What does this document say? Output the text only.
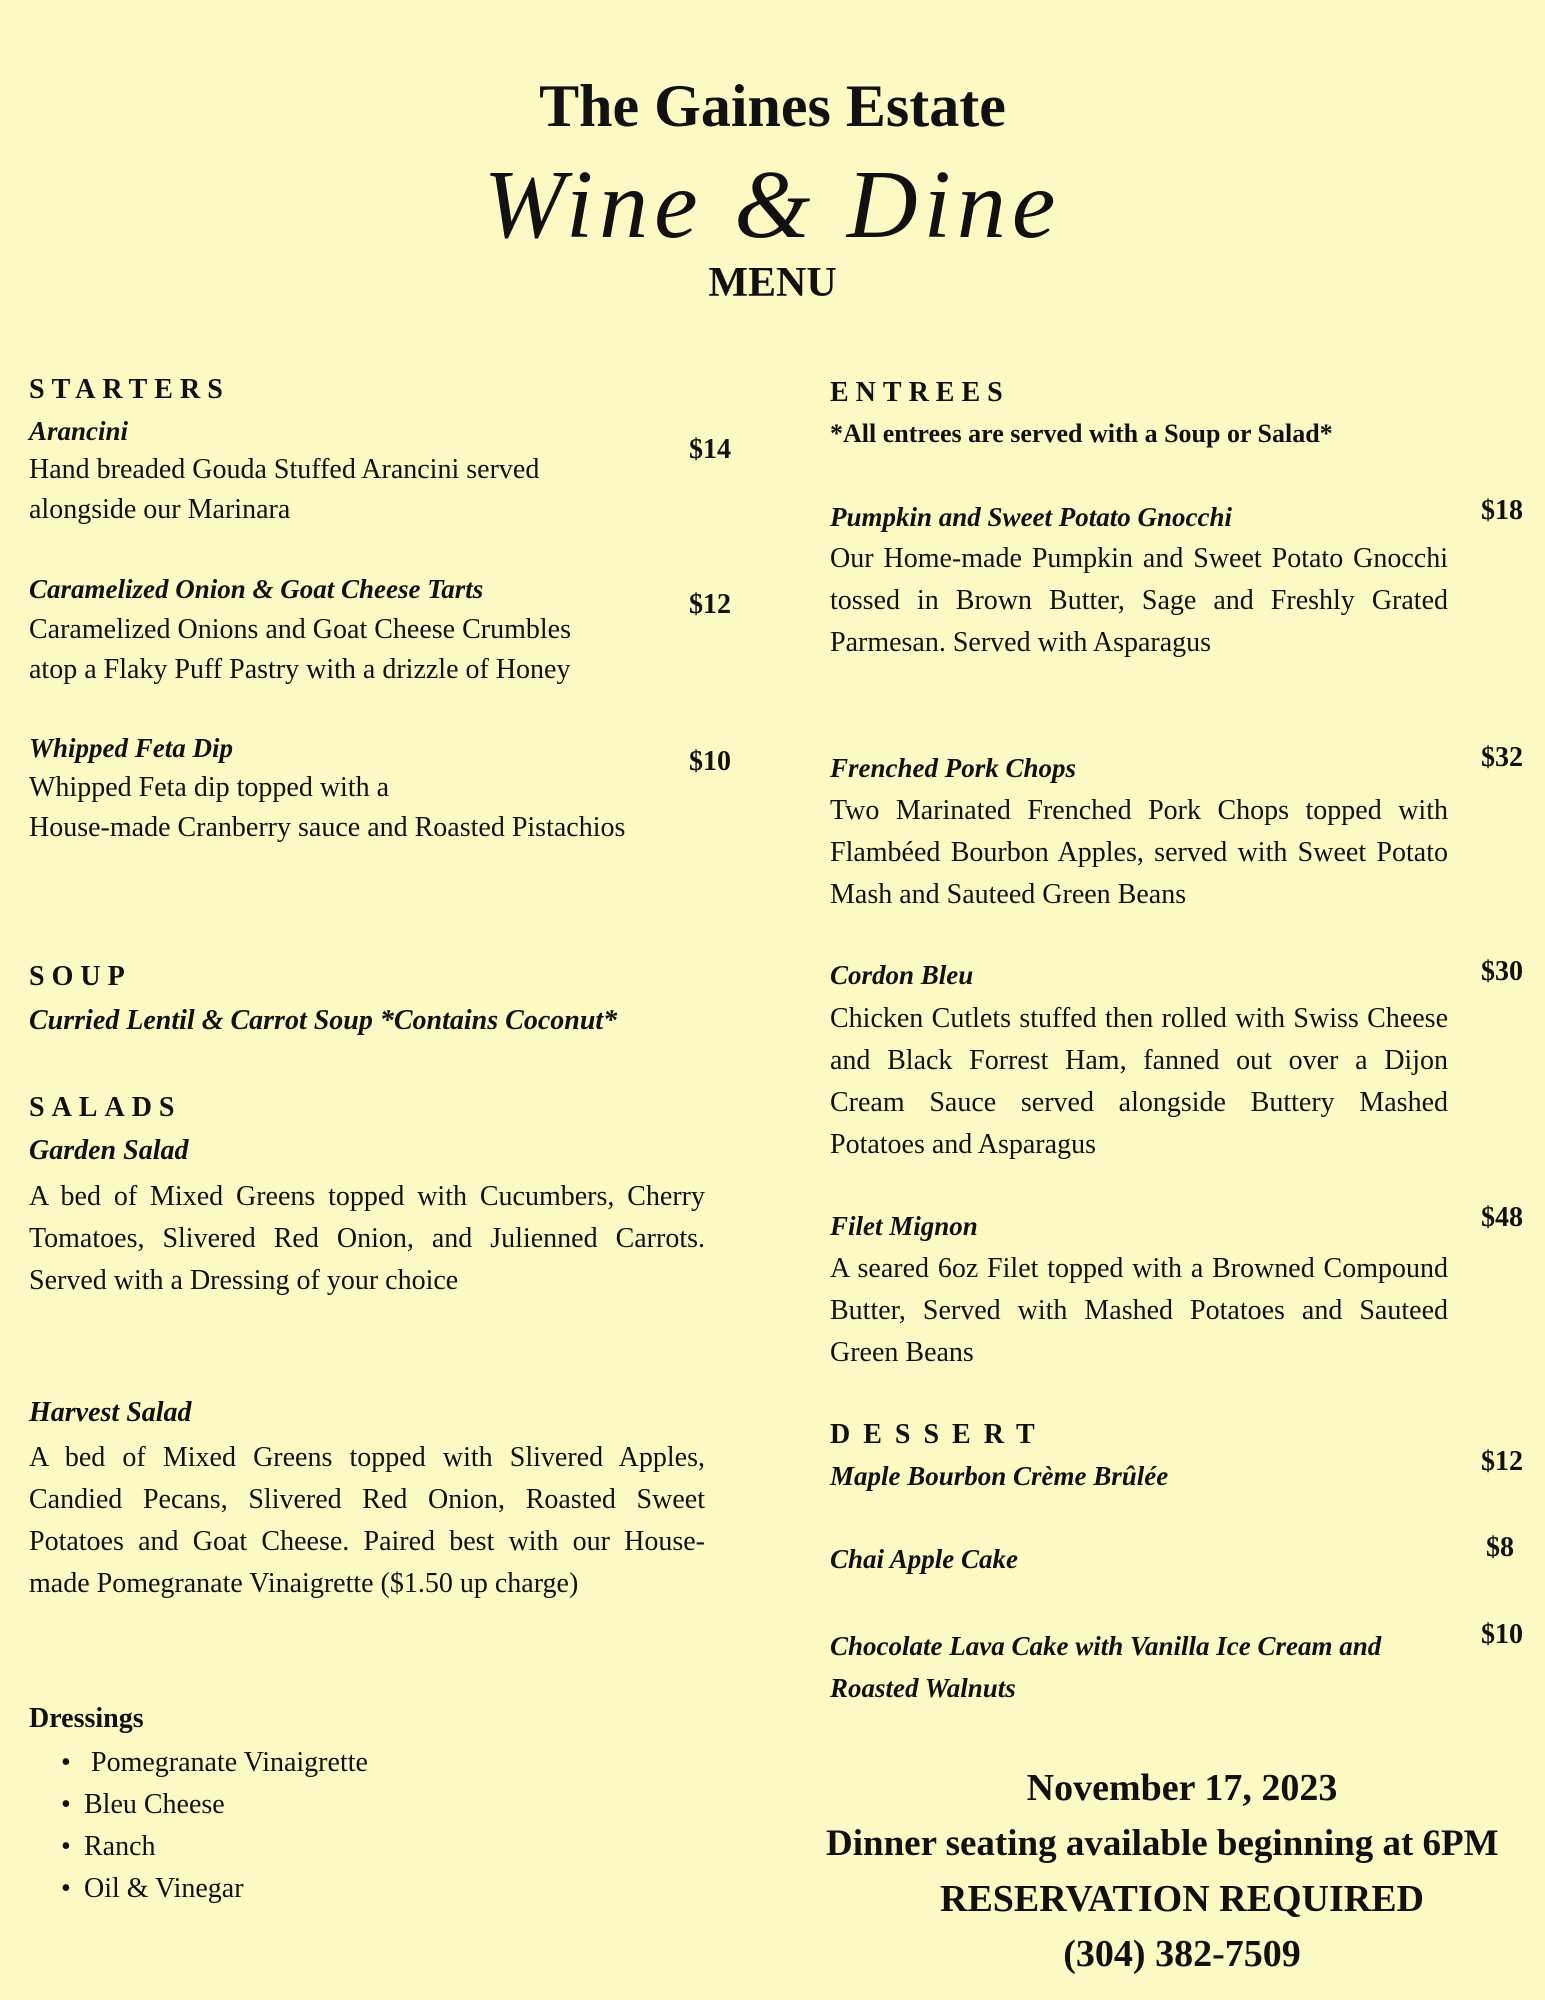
The Gaines Estate
Wine & Dine
MENU
STARTERS
Arancini
$14
Hand breaded Gouda Stuffed Arancini served
alongside our Marinara
Caramelized Onion & Goat Cheese Tarts	$12
Caramelized Onions and Goat Cheese Crumbles
atop a Flaky Puff Pastry with a drizzle of Honey
Whipped Feta Dip	$10
Whipped Feta dip topped with a
House-made Cranberry sauce and Roasted Pistachios
SOUP
Curried Lentil & Carrot Soup *Contains Coconut*
SALADS
Garden Salad
A bed of Mixed Greens topped with Cucumbers, Cherry Tomatoes, Slivered Red Onion, and Julienned Carrots. Served with a Dressing of your choice
Harvest Salad
A bed of Mixed Greens topped with Slivered Apples, Candied Pecans, Slivered Red Onion, Roasted Sweet Potatoes and Goat Cheese. Paired best with our House-made Pomegranate Vinaigrette ($1.50 up charge)
Dressings
• Pomegranate Vinaigrette
• Bleu Cheese
• Ranch
• Oil & Vinegar
ENTREES
*All entrees are served with a Soup or Salad*
Pumpkin and Sweet Potato Gnocchi	$18
Our Home-made Pumpkin and Sweet Potato Gnocchi tossed in Brown Butter, Sage and Freshly Grated Parmesan. Served with Asparagus
Frenched Pork Chops	$32
Two Marinated Frenched Pork Chops topped with Flambéed Bourbon Apples, served with Sweet Potato Mash and Sauteed Green Beans
Cordon Bleu	$30
Chicken Cutlets stuffed then rolled with Swiss Cheese and Black Forrest Ham, fanned out over a Dijon Cream Sauce served alongside Buttery Mashed Potatoes and Asparagus
Filet Mignon	$48
A seared 6oz Filet topped with a Browned Compound Butter, Served with Mashed Potatoes and Sauteed Green Beans
DESSERT
Maple Bourbon Crème Brûlée	$12
Chai Apple Cake	$8
Chocolate Lava Cake with Vanilla Ice Cream and Roasted Walnuts
$10
November 17, 2023
Dinner seating available beginning at 6PM
RESERVATION REQUIRED
(304) 382-7509
